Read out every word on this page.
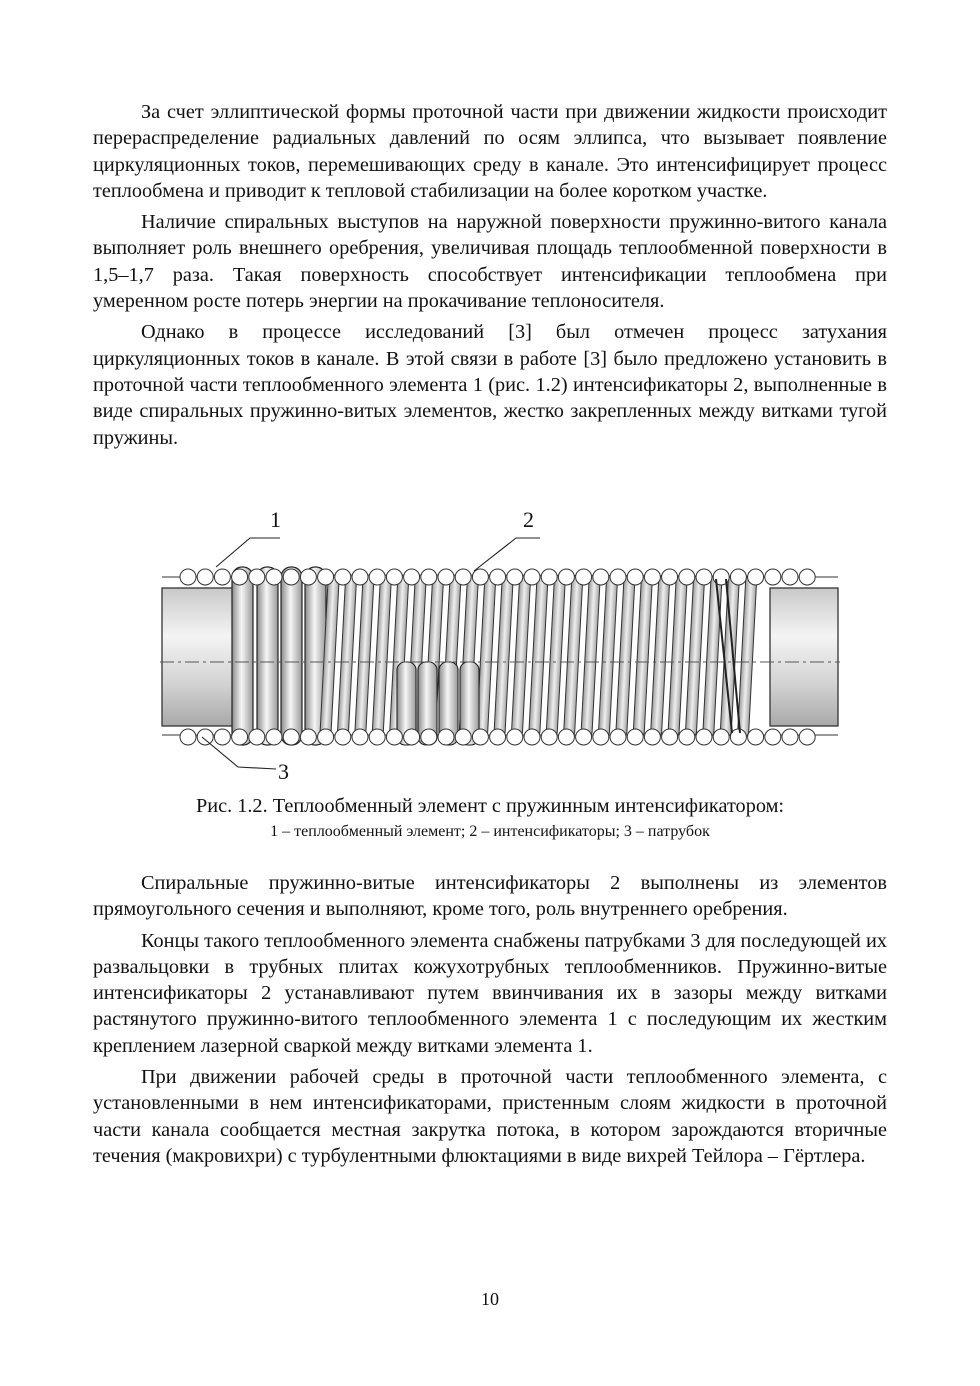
За счет эллиптической формы проточной части при движении жидкости происходит перераспределение радиальных давлений по осям эллипса, что вызывает появление циркуляционных токов, перемешивающих среду в канале. Это интенсифицирует процесс теплообмена и приводит к тепловой стабилизации на более коротком участке.

Наличие спиральных выступов на наружной поверхности пружинно-витого канала выполняет роль внешнего оребрения, увеличивая площадь теплообменной поверхности в 1,5–1,7 раза. Такая поверхность способствует интенсификации теплообмена при умеренном росте потерь энергии на прокачивание теплоносителя.

Однако в процессе исследований [3] был отмечен процесс затухания циркуляционных токов в канале. В этой связи в работе [3] было предложено установить в проточной части теплообменного элемента 1 (рис. 1.2) интенсификаторы 2, выполненные в виде спиральных пружинно-витых элементов, жестко закрепленных между витками тугой пружины.

1	2
3
Рис. 1.2. Теплообменный элемент с пружинным интенсификатором:
1 – теплообменный элемент; 2 – интенсификаторы; 3 – патрубок

Спиральные пружинно-витые интенсификаторы 2 выполнены из элементов прямоугольного сечения и выполняют, кроме того, роль внутреннего оребрения.

Концы такого теплообменного элемента снабжены патрубками 3 для последующей их развальцовки в трубных плитах кожухотрубных теплообменников. Пружинно-витые интенсификаторы 2 устанавливают путем ввинчивания их в зазоры между витками растянутого пружинно-витого теплообменного элемента 1 с последующим их жестким креплением лазерной сваркой между витками элемента 1.

При движении рабочей среды в проточной части теплообменного элемента, с установленными в нем интенсификаторами, пристенным слоям жидкости в проточной части канала сообщается местная закрутка потока, в котором зарождаются вторичные течения (макровихри) с турбулентными флюктациями в виде вихрей Тейлора – Гёртлера.

10
